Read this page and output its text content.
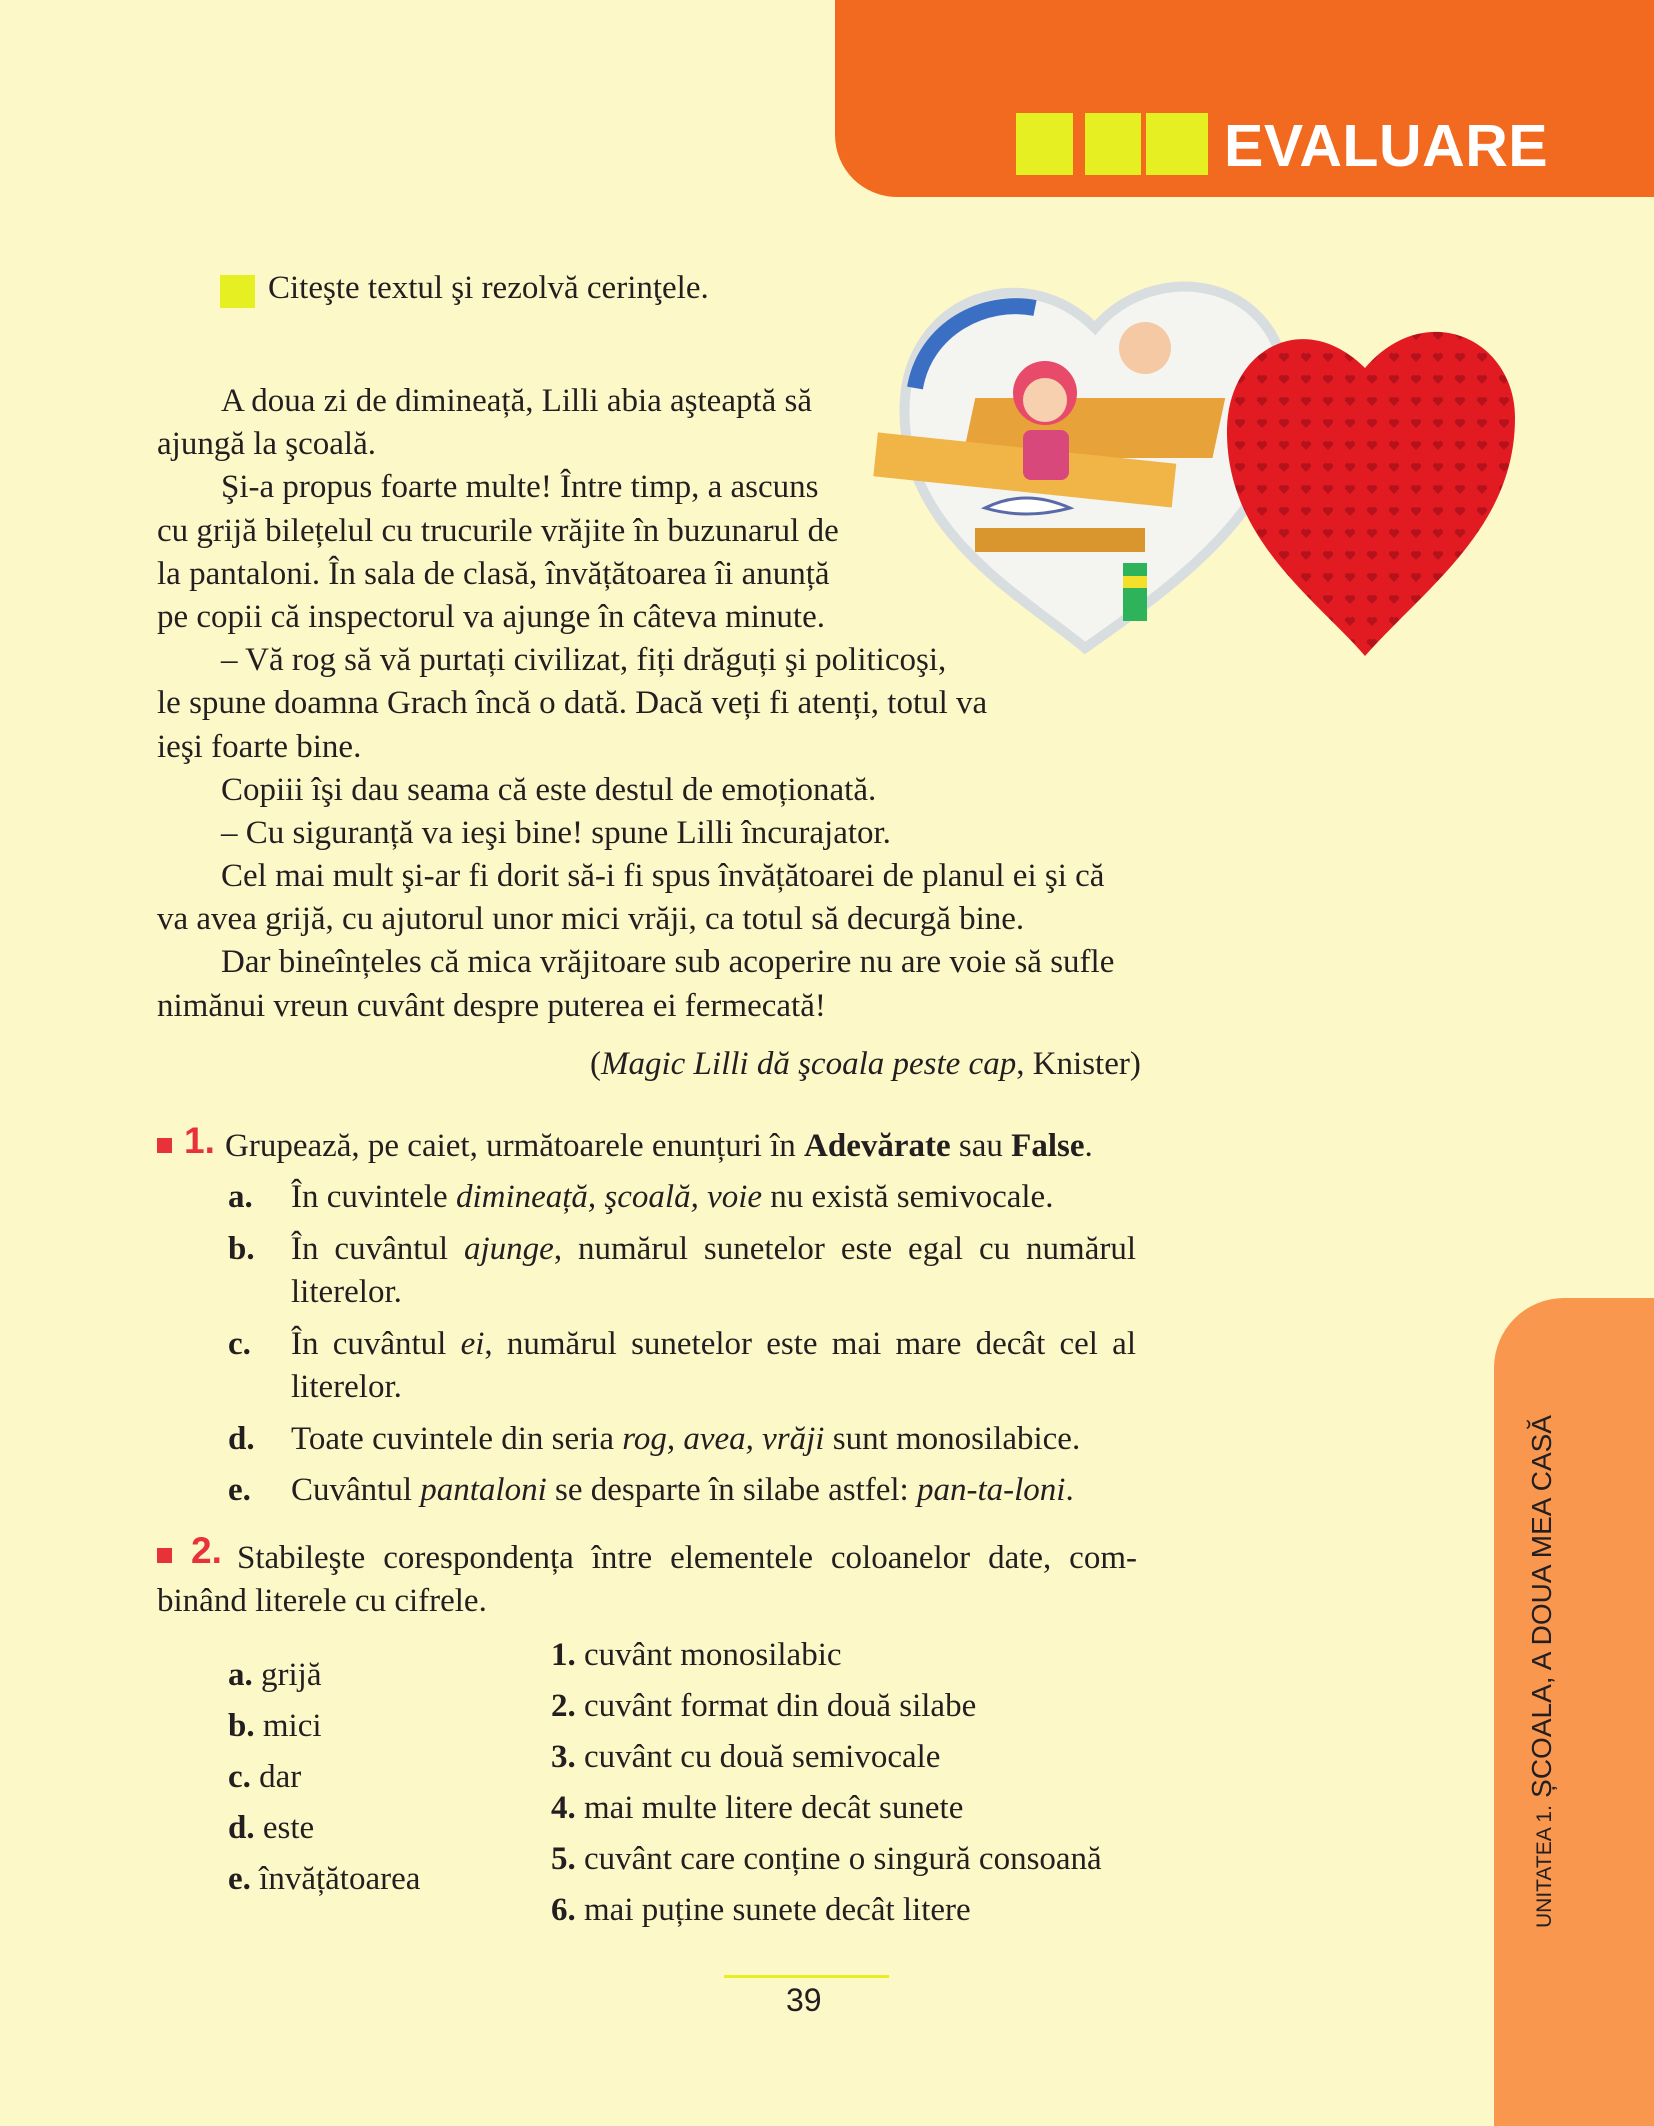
EVALUARE
UNITATEA 1. ȘCOALA, A DOUA MEA CASĂ
Citeşte textul şi rezolvă cerinţele.
A doua zi de dimineață, Lilli abia aşteaptă să
ajungă la şcoală.
Şi-a propus foarte multe! Între timp, a ascuns
cu grijă bilețelul cu trucurile vrăjite în buzunarul de
la pantaloni. În sala de clasă, învățătoarea îi anunță
pe copii că inspectorul va ajunge în câteva minute.
– Vă rog să vă purtați civilizat, fiți drăguți şi politicoşi,
le spune doamna Grach încă o dată. Dacă veți fi atenți, totul va
ieşi foarte bine.
Copiii îşi dau seama că este destul de emoționată.
– Cu siguranță va ieşi bine! spune Lilli încurajator.
Cel mai mult şi-ar fi dorit să-i fi spus învățătoarei de planul ei şi că
va avea grijă, cu ajutorul unor mici vrăji, ca totul să decurgă bine.
Dar bineînțeles că mica vrăjitoare sub acoperire nu are voie să sufle
nimănui vreun cuvânt despre puterea ei fermecată!
(Magic Lilli dă şcoala peste cap, Knister)
1. Grupează, pe caiet, următoarele enunțuri în Adevărate sau False.
a.	În cuvintele dimineață, şcoală, voie nu există semivocale.
b.	În cuvântul ajunge, numărul sunetelor este egal cu numărul literelor.
c.	În cuvântul ei, numărul sunetelor este mai mare decât cel al literelor.
d.	Toate cuvintele din seria rog, avea, vrăji sunt monosilabice.
e.	Cuvântul pantaloni se desparte în silabe astfel: pan-ta-loni.
2. Stabileşte corespondența între elementele coloanelor date, com-
binând literele cu cifrele.
a. grijă
b. mici
c. dar
d. este
e. învățătoarea
1. cuvânt monosilabic
2. cuvânt format din două silabe
3. cuvânt cu două semivocale
4. mai multe litere decât sunete
5. cuvânt care conține o singură consoană
6. mai puține sunete decât litere
39
